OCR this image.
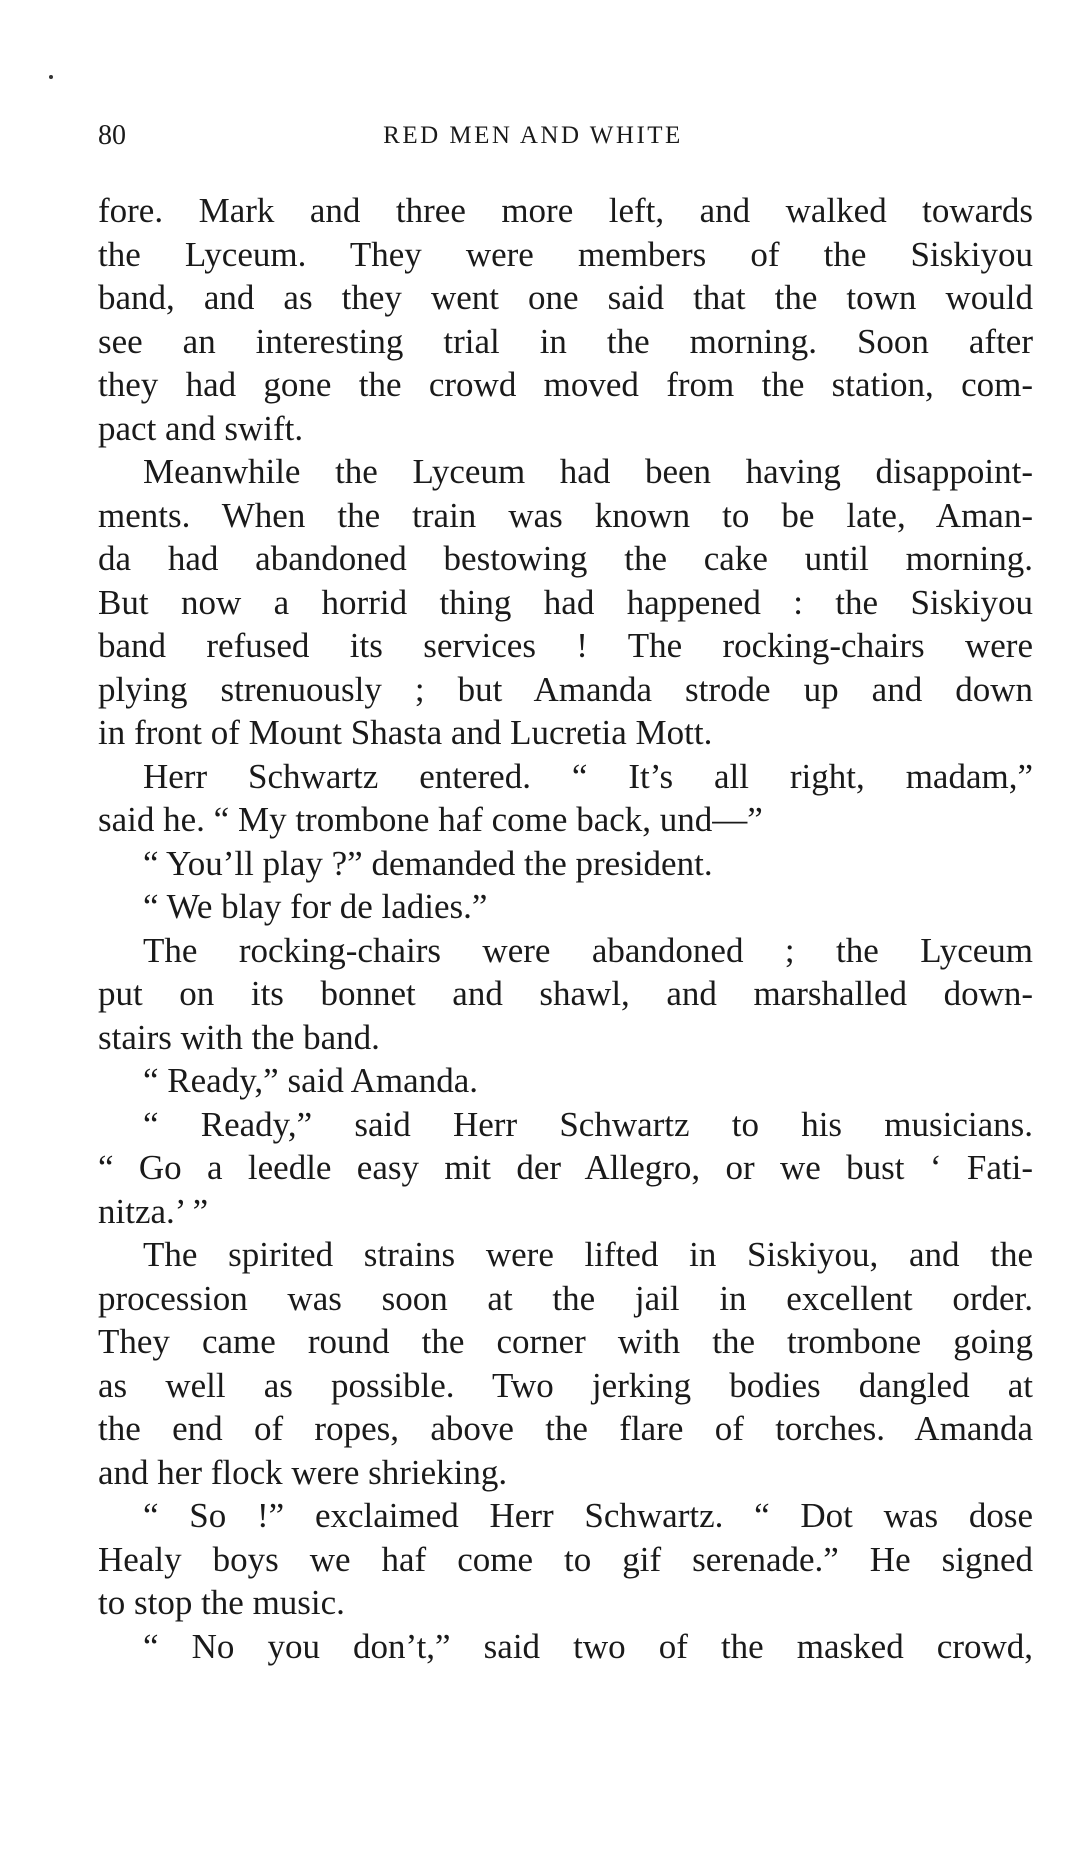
80	RED MEN AND WHITE
fore. Mark and three more left, and walked towards
the Lyceum. They were members of the Siskiyou
band, and as they went one said that the town would
see an interesting trial in the morning. Soon after
they had gone the crowd moved from the station, com-
pact and swift.
Meanwhile the Lyceum had been having disappoint-
ments. When the train was known to be late, Aman-
da had abandoned bestowing the cake until morning.
But now a horrid thing had happened : the Siskiyou
band refused its services ! The rocking-chairs were
plying strenuously ; but Amanda strode up and down
in front of Mount Shasta and Lucretia Mott.
Herr Schwartz entered. “ It’s all right, madam,”
said he. “ My trombone haf come back, und—”
“ You’ll play ?” demanded the president.
“ We blay for de ladies.”
The rocking-chairs were abandoned ; the Lyceum
put on its bonnet and shawl, and marshalled down-
stairs with the band.
“ Ready,” said Amanda.
“ Ready,” said Herr Schwartz to his musicians.
“ Go a leedle easy mit der Allegro, or we bust ‘ Fati-
nitza.’ ”
The spirited strains were lifted in Siskiyou, and the
procession was soon at the jail in excellent order.
They came round the corner with the trombone going
as well as possible. Two jerking bodies dangled at
the end of ropes, above the flare of torches. Amanda
and her flock were shrieking.
“ So !” exclaimed Herr Schwartz. “ Dot was dose
Healy boys we haf come to gif serenade.” He signed
to stop the music.
“ No you don’t,” said two of the masked crowd,
